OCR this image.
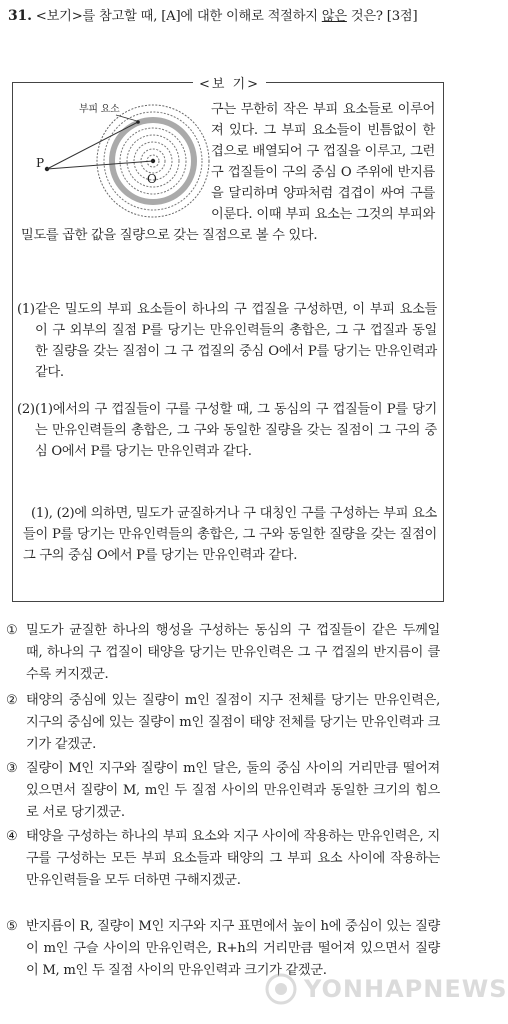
31. <보기>를 참고할 때, [A]에 대한 이해로 적절하지 않은 것은? [3점]
<보 기>
부피 요소
P
O
구는 무한히 작은 부피 요소들로 이루어져 있다. 그 부피 요소들이 빈틈없이 한 겹으로 배열되어 구 껍질을 이루고, 그런 구 껍질들이 구의 중심 O 주위에 반지름을 달리하며 양파처럼 겹겹이 싸여 구를 이룬다. 이때 부피 요소는 그것의 부피와 밀도를 곱한 값을 질량으로 갖는 질점으로 볼 수 있다.
(1) 같은 밀도의 부피 요소들이 하나의 구 껍질을 구성하면, 이 부피 요소들이 구 외부의 질점 P를 당기는 만유인력들의 총합은, 그 구 껍질과 동일한 질량을 갖는 질점이 그 구 껍질의 중심 O에서 P를 당기는 만유인력과 같다.
(2) (1)에서의 구 껍질들이 구를 구성할 때, 그 동심의 구 껍질들이 P를 당기는 만유인력들의 총합은, 그 구와 동일한 질량을 갖는 질점이 그 구의 중심 O에서 P를 당기는 만유인력과 같다.
(1), (2)에 의하면, 밀도가 균질하거나 구 대칭인 구를 구성하는 부피 요소들이 P를 당기는 만유인력들의 총합은, 그 구와 동일한 질량을 갖는 질점이 그 구의 중심 O에서 P를 당기는 만유인력과 같다.
① 밀도가 균질한 하나의 행성을 구성하는 동심의 구 껍질들이 같은 두께일 때, 하나의 구 껍질이 태양을 당기는 만유인력은 그 구 껍질의 반지름이 클수록 커지겠군.
② 태양의 중심에 있는 질량이 m인 질점이 지구 전체를 당기는 만유인력은, 지구의 중심에 있는 질량이 m인 질점이 태양 전체를 당기는 만유인력과 크기가 같겠군.
③ 질량이 M인 지구와 질량이 m인 달은, 둘의 중심 사이의 거리만큼 떨어져 있으면서 질량이 M, m인 두 질점 사이의 만유인력과 동일한 크기의 힘으로 서로 당기겠군.
④ 태양을 구성하는 하나의 부피 요소와 지구 사이에 작용하는 만유인력은, 지구를 구성하는 모든 부피 요소들과 태양의 그 부피 요소 사이에 작용하는 만유인력들을 모두 더하면 구해지겠군.
⑤ 반지름이 R, 질량이 M인 지구와 지구 표면에서 높이 h에 중심이 있는 질량이 m인 구슬 사이의 만유인력은, R+h의 거리만큼 떨어져 있으면서 질량이 M, m인 두 질점 사이의 만유인력과 크기가 같겠군.
YONHAPNEWS
